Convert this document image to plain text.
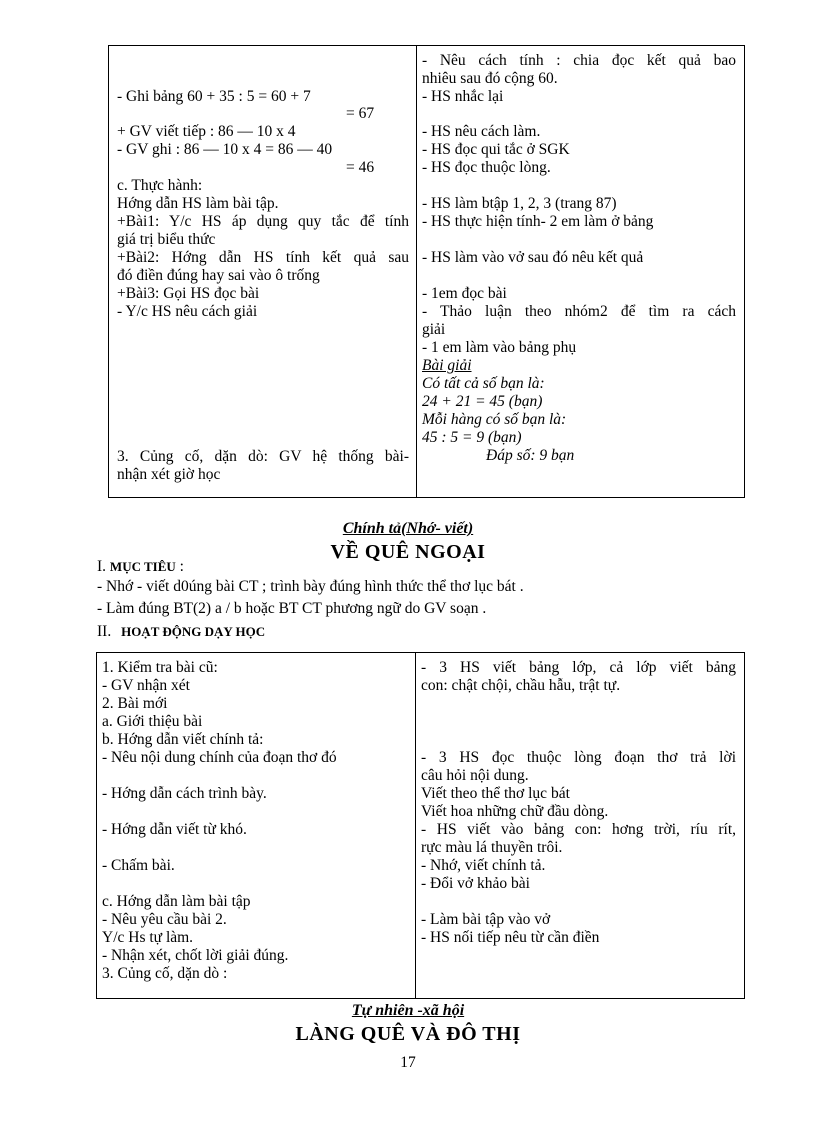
- Ghi bảng 60 + 35 : 5 = 60 + 7
= 67
+ GV viết tiếp : 86 — 10 x 4
- GV ghi : 86 — 10 x 4 = 86 — 40
= 46
c. Thực hành:
Hớng dẫn HS làm bài tập.
+Bài1: Y/c HS áp dụng quy tắc để tính
giá trị biểu thức
+Bài2: Hớng dẫn HS tính kết quả sau
đó điền đúng hay sai vào ô trống
+Bài3: Gọi HS đọc bài
- Y/c HS nêu cách giải
3. Củng cố, dặn dò: GV hệ thống bài-
nhận xét giờ học
- Nêu cách tính : chia đọc kết quả bao
nhiêu sau đó cộng 60.
- HS nhắc lại
- HS nêu cách làm.
- HS đọc qui tắc ở SGK
- HS đọc thuộc lòng.
- HS làm btập 1, 2, 3 (trang 87)
- HS thực hiện tính- 2 em làm ở bảng
- HS làm vào vở sau đó nêu kết quả
- 1em đọc bài
- Thảo luận theo nhóm2 để tìm ra cách
giải
- 1 em làm vào bảng phụ
Bài giải
Có tất cả số bạn là:
24 + 21 = 45 (bạn)
Mỗi hàng có số bạn là:
45 : 5 = 9 (bạn)
Đáp số: 9 bạn
Chính tả(Nhớ- viết)
VỀ QUÊ NGOẠI
I. MỤC TIÊU :
- Nhớ - viết d0úng bài CT ; trình bày đúng hình thức thể thơ lục bát .
- Làm đúng BT(2) a / b hoặc BT CT phương ngữ do GV soạn .
II. HOẠT ĐỘNG DẠY HỌC
1. Kiểm tra bài cũ:
- GV nhận xét
2. Bài mới
a. Giới thiệu bài
b. Hớng dẫn viết chính tả:
- Nêu nội dung chính của đoạn thơ đó
- Hớng dẫn cách trình bày.
- Hớng dẫn viết từ khó.
- Chấm bài.
c. Hớng dẫn làm bài tập
- Nêu yêu cầu bài 2.
Y/c Hs tự làm.
- Nhận xét, chốt lời giải đúng.
3. Củng cố, dặn dò :
- 3 HS viết bảng lớp, cả lớp viết bảng
con: chật chội, chầu hẫu, trật tự.
- 3 HS đọc thuộc lòng đoạn thơ trả lời
câu hỏi nội dung.
Viết theo thể thơ lục bát
Viết hoa những chữ đầu dòng.
- HS viết vào bảng con: hơng trời, ríu rít,
rực màu lá thuyền trôi.
- Nhớ, viết chính tả.
- Đổi vở khảo bài
- Làm bài tập vào vở
- HS nối tiếp nêu từ cần điền
Tự nhiên -xã hội
LÀNG QUÊ VÀ ĐÔ THỊ
17
